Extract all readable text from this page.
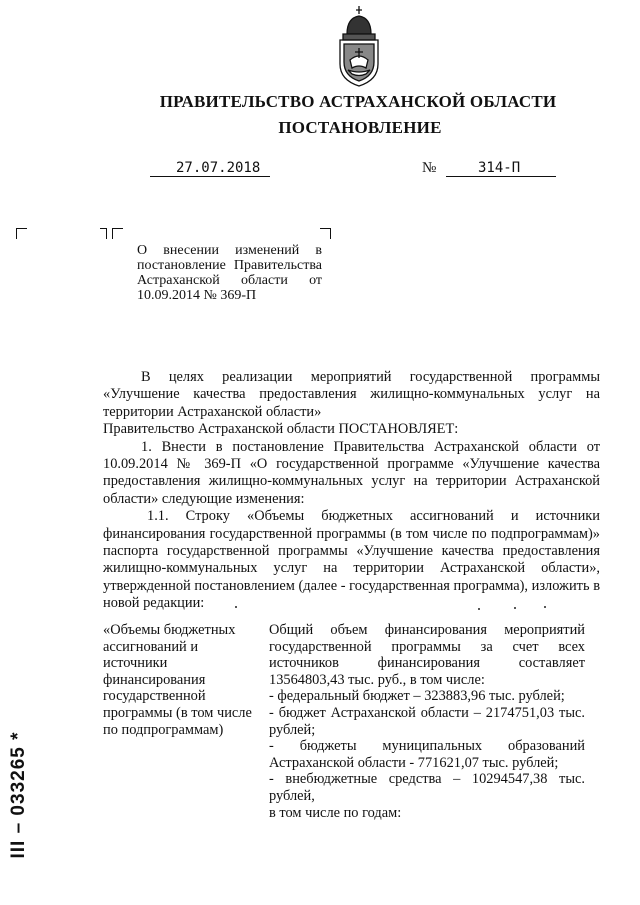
ПРАВИТЕЛЬСТВО АСТРАХАНСКОЙ ОБЛАСТИ
ПОСТАНОВЛЕНИЕ
27.07.2018	№	314-П
О внесении изменений в постановление Правительства Астраханской области от 10.09.2014 № 369-П

В целях реализации мероприятий государственной программы «Улучшение качества предоставления жилищно-коммунальных услуг на территории Астраханской области»

Правительство Астраханской области ПОСТАНОВЛЯЕТ:

1. Внести в постановление Правительства Астраханской области от 10.09.2014 № 369-П «О государственной программе «Улучшение качества предоставления жилищно-коммунальных услуг на территории Астраханской области» следующие изменения:

1.1. Строку «Объемы бюджетных ассигнований и источники финансирования государственной программы (в том числе по подпрограммам)» паспорта государственной программы «Улучшение качества предоставления жилищно-коммунальных услуг на территории Астраханской области», утвержденной постановлением (далее - государственная программа), изложить в новой редакции:

«Объемы бюджетных ассигнований и источники финансирования государственной программы (в том числе по подпрограммам)

Общий объем финансирования мероприятий государственной программы за счет всех источников финансирования составляет 13564803,43 тыс. руб., в том числе:

- федеральный бюджет – 323883,96 тыс. рублей;

- бюджет Астраханской области – 2174751,03 тыс. рублей;

- бюджеты муниципальных образований Астраханской области - 771621,07 тыс. рублей;

- внебюджетные средства – 10294547,38 тыс. рублей,

в том числе по годам:

ІІІ – 033265 *
